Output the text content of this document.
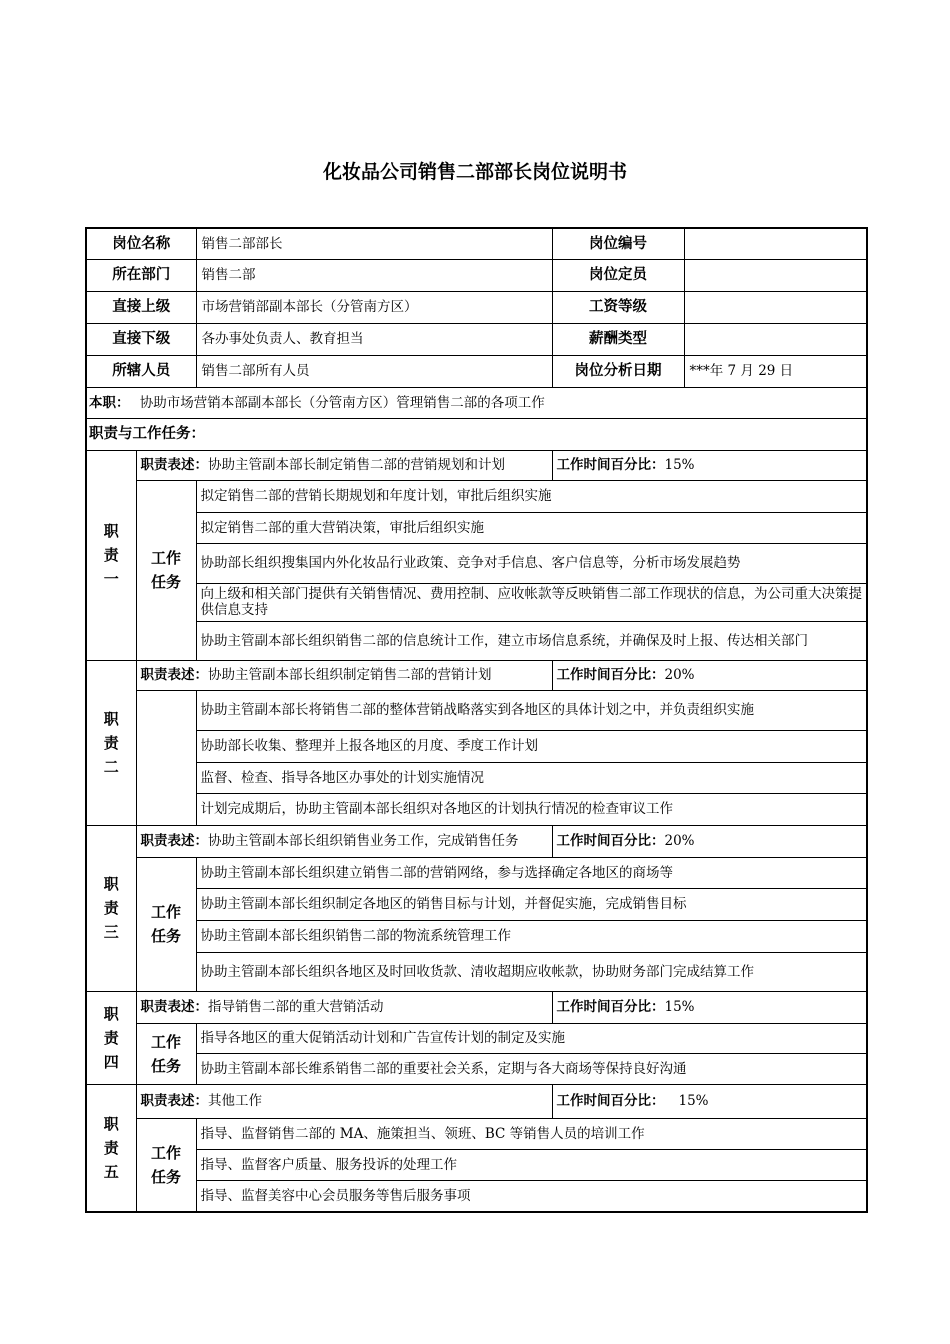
化妆品公司销售二部部长岗位说明书
岗位名称		销售二部部长	岗位编号	
所在部门		销售二部	岗位定员	
直接上级		市场营销部副本部长（分管南方区）	工资等级	
直接下级		各办事处负责人、教育担当	薪酬类型	
所辖人员		销售二部所有人员	岗位分析日期	***年 7 月 29 日
本职： 协助市场营销本部副本部长（分管南方区）管理销售二部的各项工作				
职责与工作任务：				

职
责
一	职责表述：协助主管副本部长制定销售二部的营销规划和计划		工作时间百分比：15%	

	工作
任务	拟定销售二部的营销长期规划和年度计划，审批后组织实施		
		拟定销售二部的重大营销决策，审批后组织实施		
		协助部长组织搜集国内外化妆品行业政策、竞争对手信息、客户信息等，分析市场发展趋势		
		向上级和相关部门提供有关销售情况、费用控制、应收帐款等反映销售二部工作现状的信息，为公司重大决策提供信息支持		
		协助主管副本部长组织销售二部的信息统计工作，建立市场信息系统，并确保及时上报、传达相关部门		

职
责
二	职责表述：协助主管副本部长组织制定销售二部的营销计划		工作时间百分比：20%	

		协助主管副本部长将销售二部的整体营销战略落实到各地区的具体计划之中，并负责组织实施		
		协助部长收集、整理并上报各地区的月度、季度工作计划		
		监督、检查、指导各地区办事处的计划实施情况		
		计划完成期后，协助主管副本部长组织对各地区的计划执行情况的检查审议工作		

职
责
三	职责表述：协助主管副本部长组织销售业务工作，完成销售任务		工作时间百分比：20%	

	工作
任务	协助主管副本部长组织建立销售二部的营销网络，参与选择确定各地区的商场等		
		协助主管副本部长组织制定各地区的销售目标与计划，并督促实施，完成销售目标		
		协助主管副本部长组织销售二部的物流系统管理工作		
		协助主管副本部长组织各地区及时回收货款、清收超期应收帐款，协助财务部门完成结算工作		

职
责
四	职责表述：指导销售二部的重大营销活动		工作时间百分比：15%	

	工作
任务	指导各地区的重大促销活动计划和广告宣传计划的制定及实施		
		协助主管副本部长维系销售二部的重要社会关系，定期与各大商场等保持良好沟通		

职
责
五	职责表述：其他工作		工作时间百分比： 15%	

	工作
任务	指导、监督销售二部的 MA、施策担当、领班、BC 等销售人员的培训工作		
		指导、监督客户质量、服务投诉的处理工作		
		指导、监督美容中心会员服务等售后服务事项		
